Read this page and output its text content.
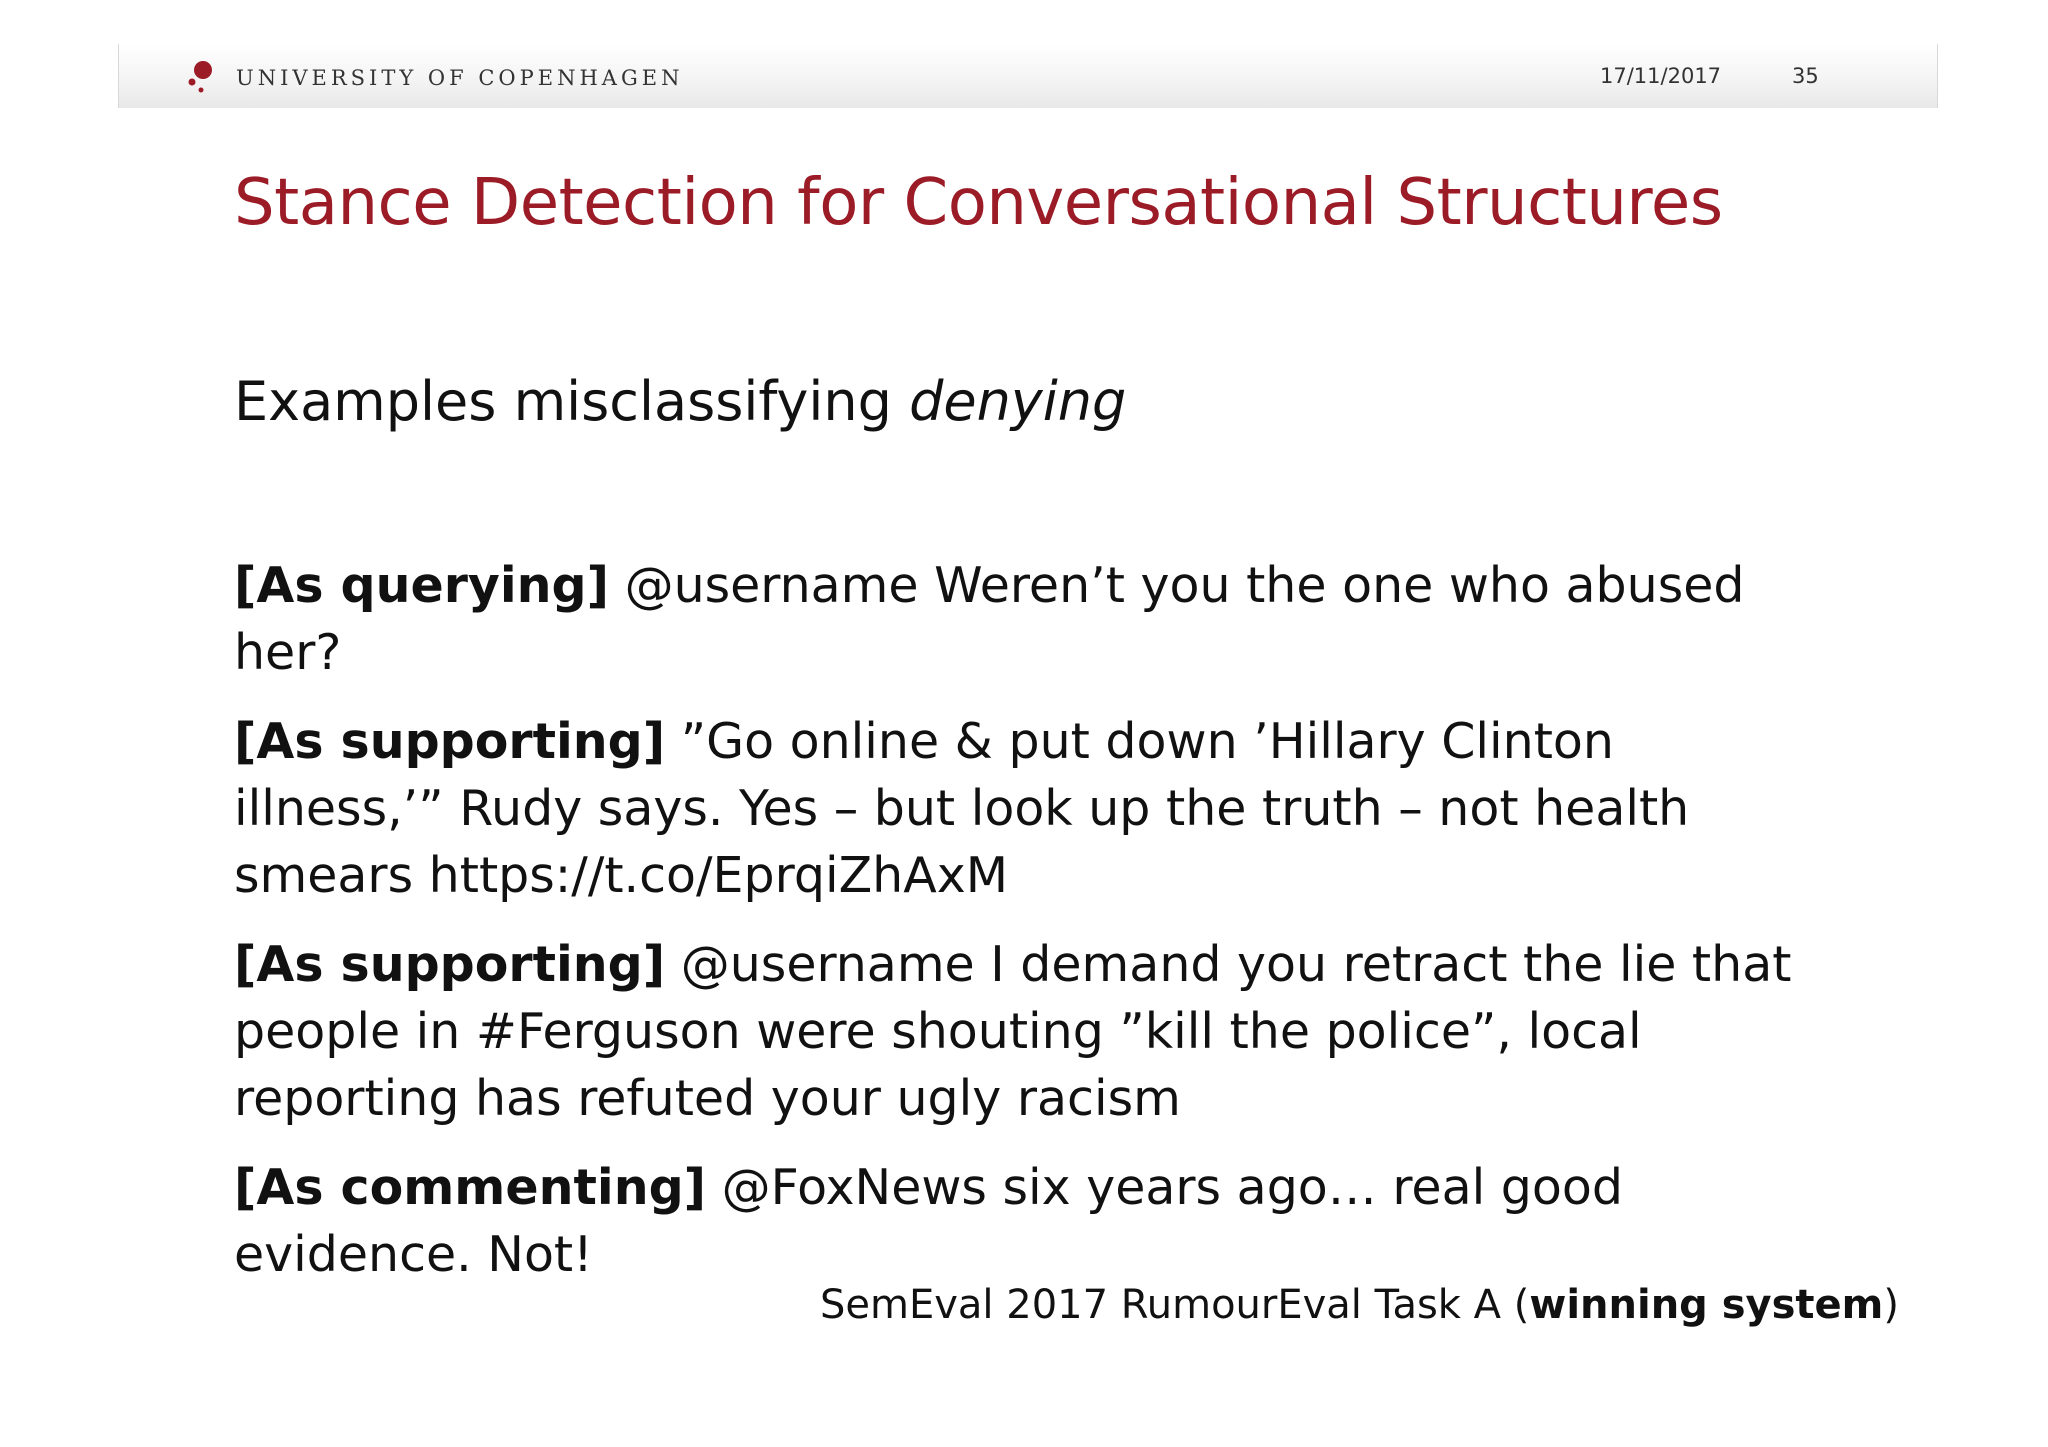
UNIVERSITY OF COPENHAGEN	17/11/2017	35
Stance Detection for Conversational Structures
Examples misclassifying denying

[As querying] @username Weren’t you the one who abused her?

[As supporting] ”Go online & put down ’Hillary Clinton illness,’” Rudy says. Yes – but look up the truth – not health smears https://t.co/EprqiZhAxM

[As supporting] @username I demand you retract the lie that people in #Ferguson were shouting ”kill the police”, local reporting has refuted your ugly racism

[As commenting] @FoxNews six years ago… real good evidence. Not!

SemEval 2017 RumourEval Task A (winning system)
